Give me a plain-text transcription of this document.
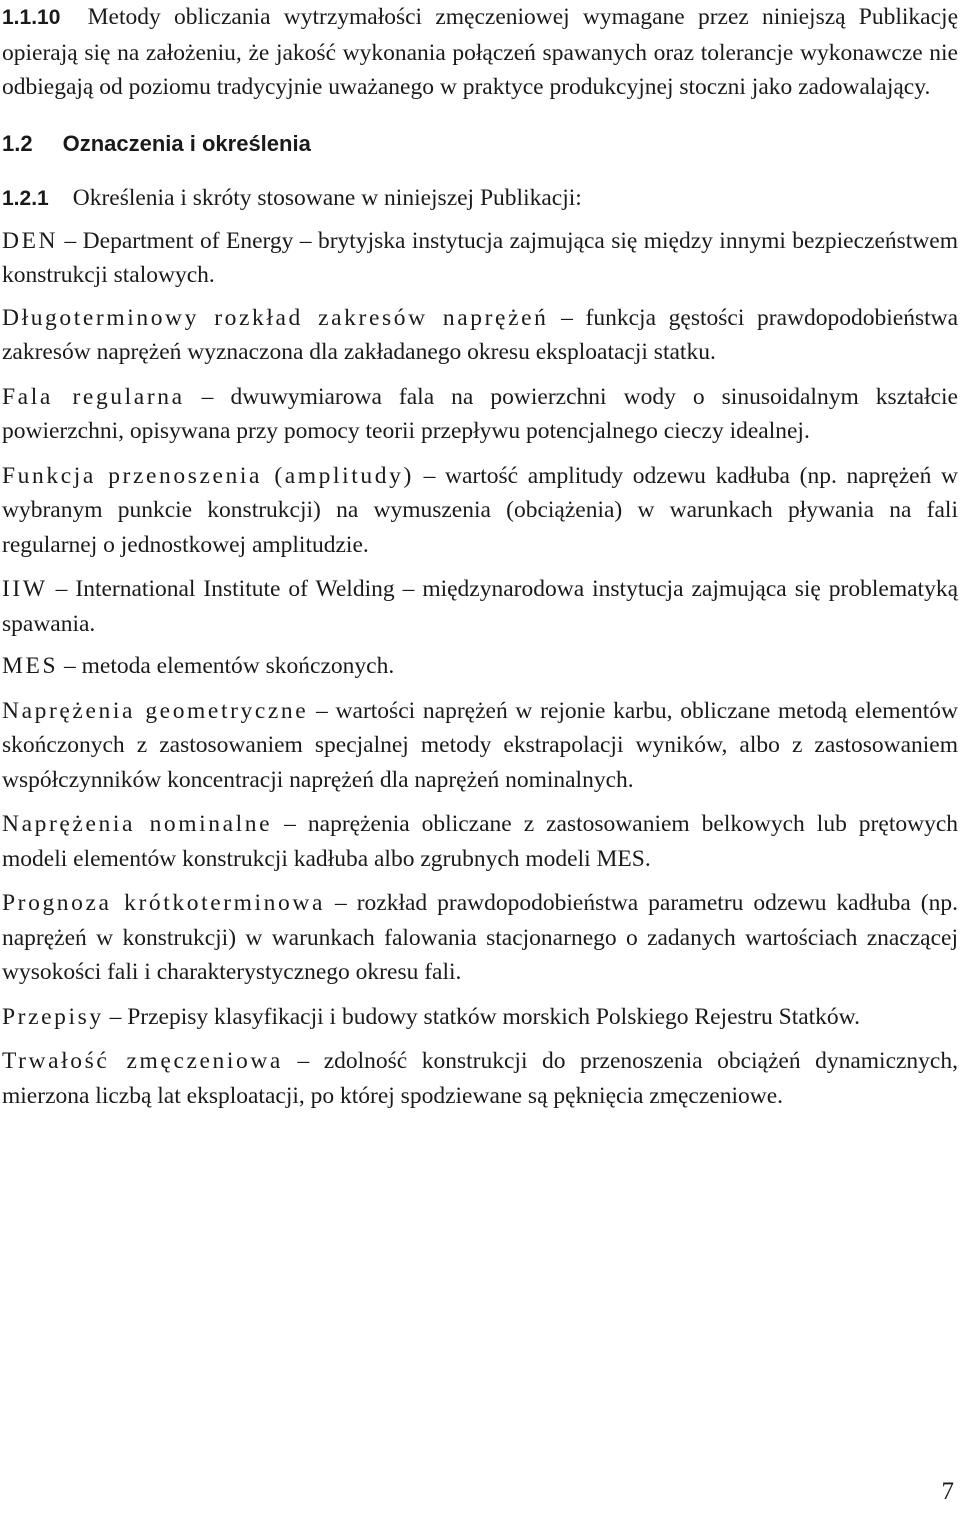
1.1.10 Metody obliczania wytrzymałości zmęczeniowej wymagane przez niniejszą Publikację opierają się na założeniu, że jakość wykonania połączeń spawanych oraz tolerancje wykonawcze nie odbiegają od poziomu tradycyjnie uważanego w praktyce produkcyjnej stoczni jako zadowalający.

1.2 Oznaczenia i określenia
1.2.1 Określenia i skróty stosowane w niniejszej Publikacji:

DEN – Department of Energy – brytyjska instytucja zajmująca się między innymi bezpieczeństwem konstrukcji stalowych.

Długoterminowy rozkład zakresów naprężeń – funkcja gęstości prawdopodobieństwa zakresów naprężeń wyznaczona dla zakładanego okresu eksploatacji statku.

Fala regularna – dwuwymiarowa fala na powierzchni wody o sinusoidalnym kształcie powierzchni, opisywana przy pomocy teorii przepływu potencjalnego cieczy idealnej.

Funkcja przenoszenia (amplitudy) – wartość amplitudy odzewu kadłuba (np. naprężeń w wybranym punkcie konstrukcji) na wymuszenia (obciążenia) w warunkach pływania na fali regularnej o jednostkowej amplitudzie.

IIW – International Institute of Welding – międzynarodowa instytucja zajmująca się problematyką spawania.

MES – metoda elementów skończonych.

Naprężenia geometryczne – wartości naprężeń w rejonie karbu, obliczane metodą elementów skończonych z zastosowaniem specjalnej metody ekstrapolacji wyników, albo z zastosowaniem współczynników koncentracji naprężeń dla naprężeń nominalnych.

Naprężenia nominalne – naprężenia obliczane z zastosowaniem belkowych lub prętowych modeli elementów konstrukcji kadłuba albo zgrubnych modeli MES.

Prognoza krótkoterminowa – rozkład prawdopodobieństwa parametru odzewu kadłuba (np. naprężeń w konstrukcji) w warunkach falowania stacjonarnego o zadanych wartościach znaczącej wysokości fali i charakterystycznego okresu fali.

Przepisy – Przepisy klasyfikacji i budowy statków morskich Polskiego Rejestru Statków.

Trwałość zmęczeniowa – zdolność konstrukcji do przenoszenia obciążeń dynamicznych, mierzona liczbą lat eksploatacji, po której spodziewane są pęknięcia zmęczeniowe.

7
